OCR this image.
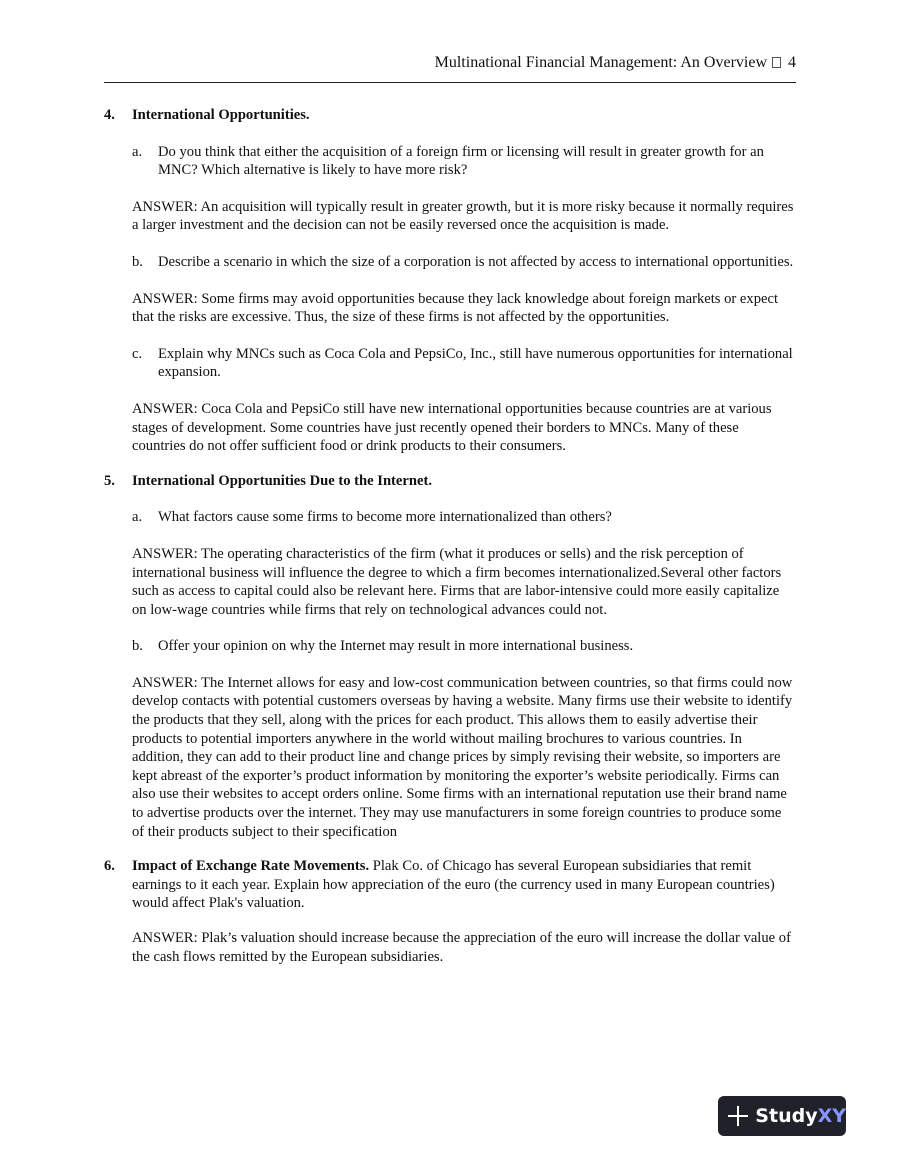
Multinational Financial Management: An Overview 4
4. International Opportunities.
a. Do you think that either the acquisition of a foreign firm or licensing will result in greater growth for an MNC? Which alternative is likely to have more risk?
ANSWER: An acquisition will typically result in greater growth, but it is more risky because it normally requires a larger investment and the decision can not be easily reversed once the acquisition is made.
b. Describe a scenario in which the size of a corporation is not affected by access to international opportunities.
ANSWER: Some firms may avoid opportunities because they lack knowledge about foreign markets or expect that the risks are excessive. Thus, the size of these firms is not affected by the opportunities.
c. Explain why MNCs such as Coca Cola and PepsiCo, Inc., still have numerous opportunities for international expansion.
ANSWER: Coca Cola and PepsiCo still have new international opportunities because countries are at various stages of development. Some countries have just recently opened their borders to MNCs. Many of these countries do not offer sufficient food or drink products to their consumers.
5. International Opportunities Due to the Internet.
a. What factors cause some firms to become more internationalized than others?
ANSWER: The operating characteristics of the firm (what it produces or sells) and the risk perception of international business will influence the degree to which a firm becomes internationalized.Several other factors such as access to capital could also be relevant here. Firms that are labor-intensive could more easily capitalize on low-wage countries while firms that rely on technological advances could not.
b. Offer your opinion on why the Internet may result in more international business.
ANSWER: The Internet allows for easy and low-cost communication between countries, so that firms could now develop contacts with potential customers overseas by having a website. Many firms use their website to identify the products that they sell, along with the prices for each product. This allows them to easily advertise their products to potential importers anywhere in the world without mailing brochures to various countries. In addition, they can add to their product line and change prices by simply revising their website, so importers are kept abreast of the exporter’s product information by monitoring the exporter’s website periodically. Firms can also use their websites to accept orders online. Some firms with an international reputation use their brand name to advertise products over the internet. They may use manufacturers in some foreign countries to produce some of their products subject to their specification
6. Impact of Exchange Rate Movements. Plak Co. of Chicago has several European subsidiaries that remit earnings to it each year. Explain how appreciation of the euro (the currency used in many European countries) would affect Plak's valuation.
ANSWER: Plak’s valuation should increase because the appreciation of the euro will increase the dollar value of the cash flows remitted by the European subsidiaries.
StudyXY
